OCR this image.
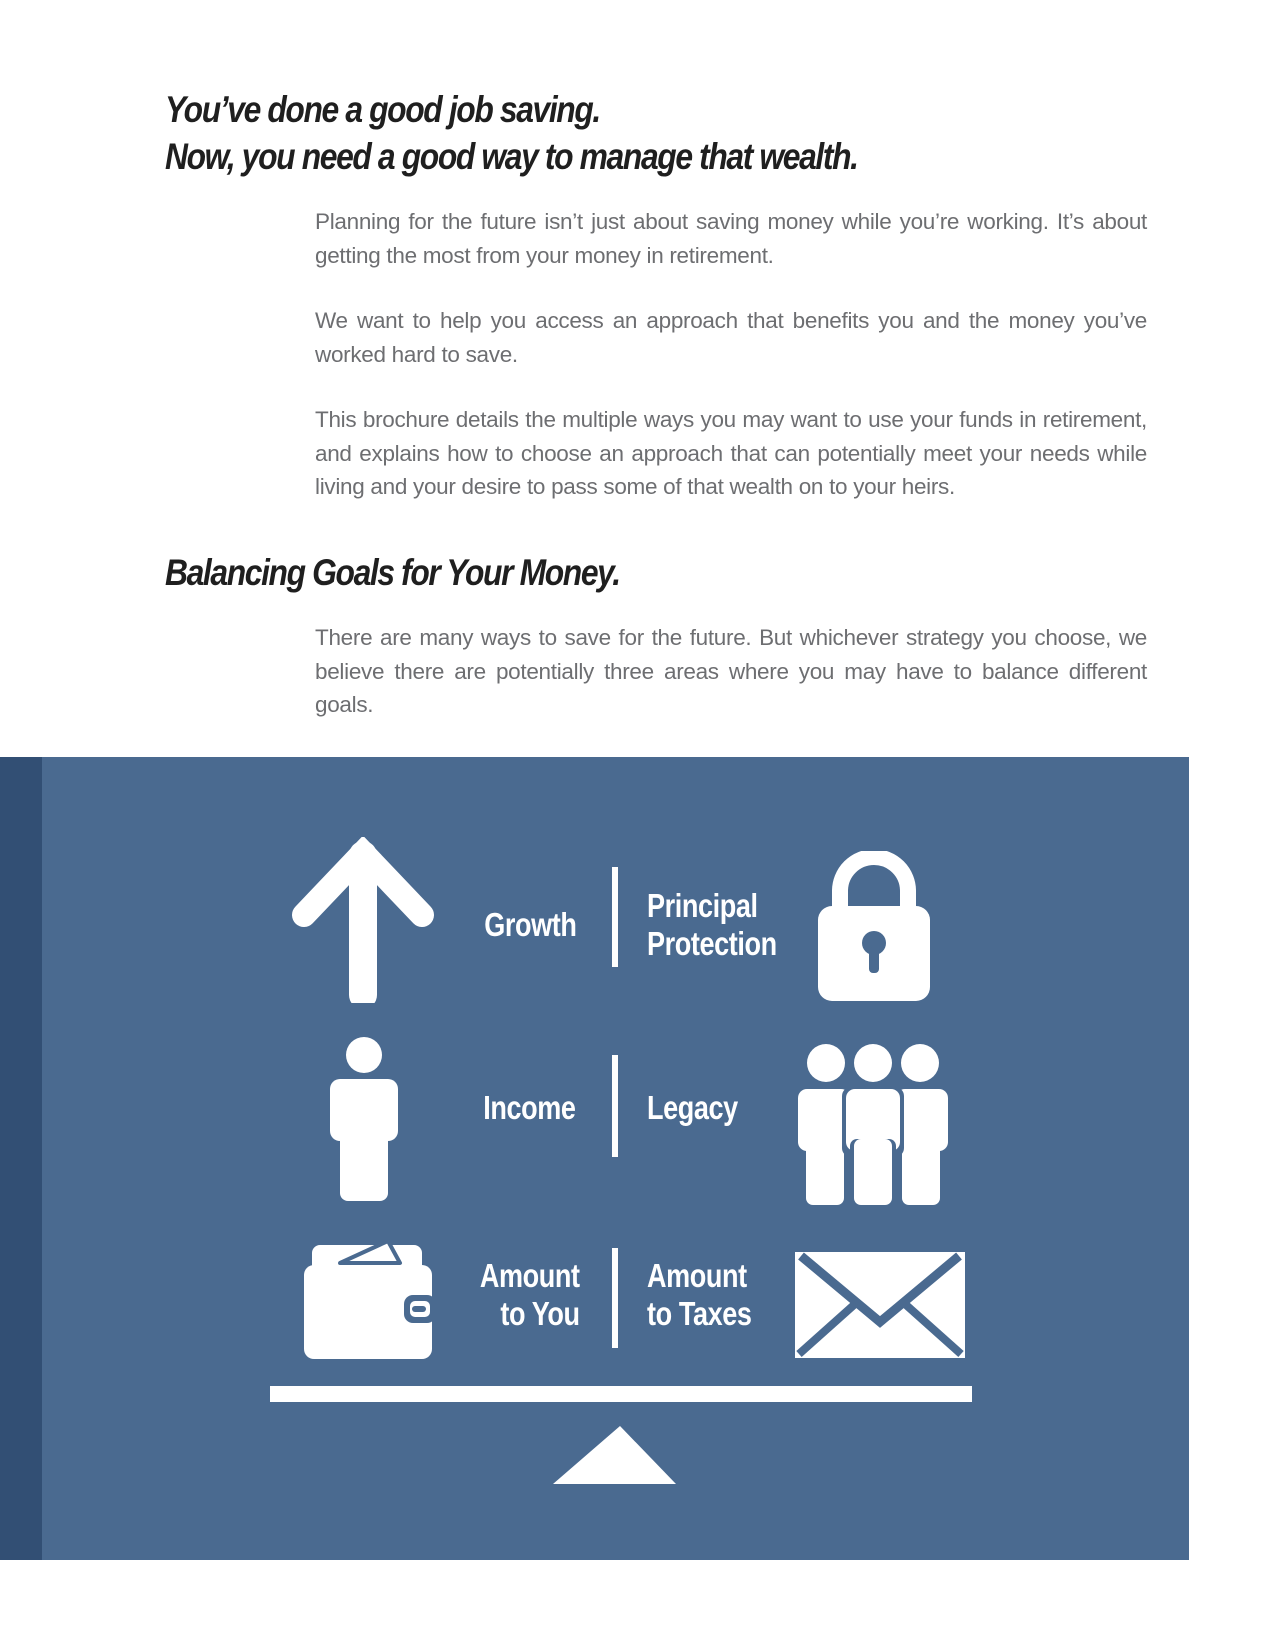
You’ve done a good job saving.
Now, you need a good way to manage that wealth.

Planning for the future isn’t just about saving money while you’re working. It’s about getting the most from your money in retirement.

We want to help you access an approach that benefits you and the money you’ve worked hard to save.

This brochure details the multiple ways you may want to use your funds in retirement, and explains how to choose an approach that can potentially meet your needs while living and your desire to pass some of that wealth on to your heirs.

Balancing Goals for Your Money.

There are many ways to save for the future. But whichever strategy you choose, we believe there are potentially three areas where you may have to balance different goals.

Growth
Principal
Protection
Income Legacy
Amount
to You
Amount
to Taxes
